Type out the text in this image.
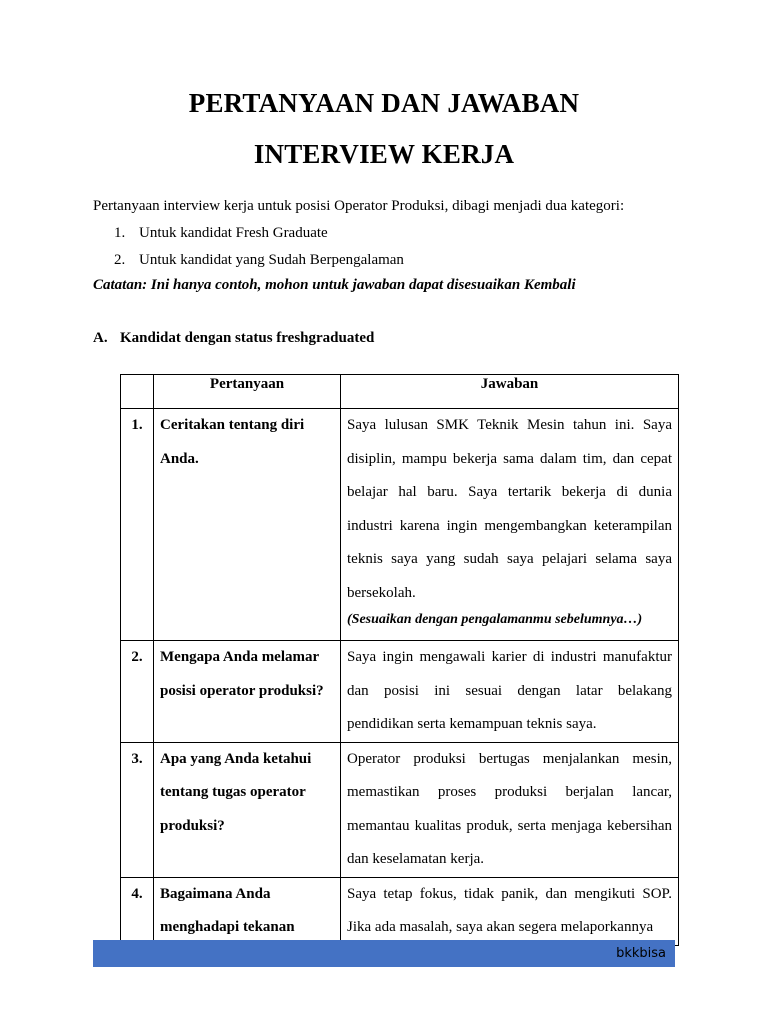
PERTANYAAN DAN JAWABAN
INTERVIEW KERJA
Pertanyaan interview kerja untuk posisi Operator Produksi, dibagi menjadi dua kategori:
1. Untuk kandidat Fresh Graduate
2. Untuk kandidat yang Sudah Berpengalaman
Catatan: Ini hanya contoh, mohon untuk jawaban dapat disesuaikan Kembali
A. Kandidat dengan status freshgraduated

	Pertanyaan	Jawaban

1.	Ceritakan tentang diri Anda.	Saya lulusan SMK Teknik Mesin tahun ini. Saya disiplin, mampu bekerja sama dalam tim, dan cepat belajar hal baru. Saya tertarik bekerja di dunia industri karena ingin mengembangkan keterampilan teknis saya yang sudah saya pelajari selama saya bersekolah.
(Sesuaikan dengan pengalamanmu sebelumnya…)

2.	Mengapa Anda melamar posisi operator produksi?	Saya ingin mengawali karier di industri manufaktur dan posisi ini sesuai dengan latar belakang pendidikan serta kemampuan teknis saya.
3.	Apa yang Anda ketahui tentang tugas operator produksi?	Operator produksi bertugas menjalankan mesin, memastikan proses produksi berjalan lancar, memantau kualitas produk, serta menjaga kebersihan dan keselamatan kerja.
4.	Bagaimana Anda menghadapi tekanan	Saya tetap fokus, tidak panik, dan mengikuti SOP. Jika ada masalah, saya akan segera melaporkannya
bkkbisa
